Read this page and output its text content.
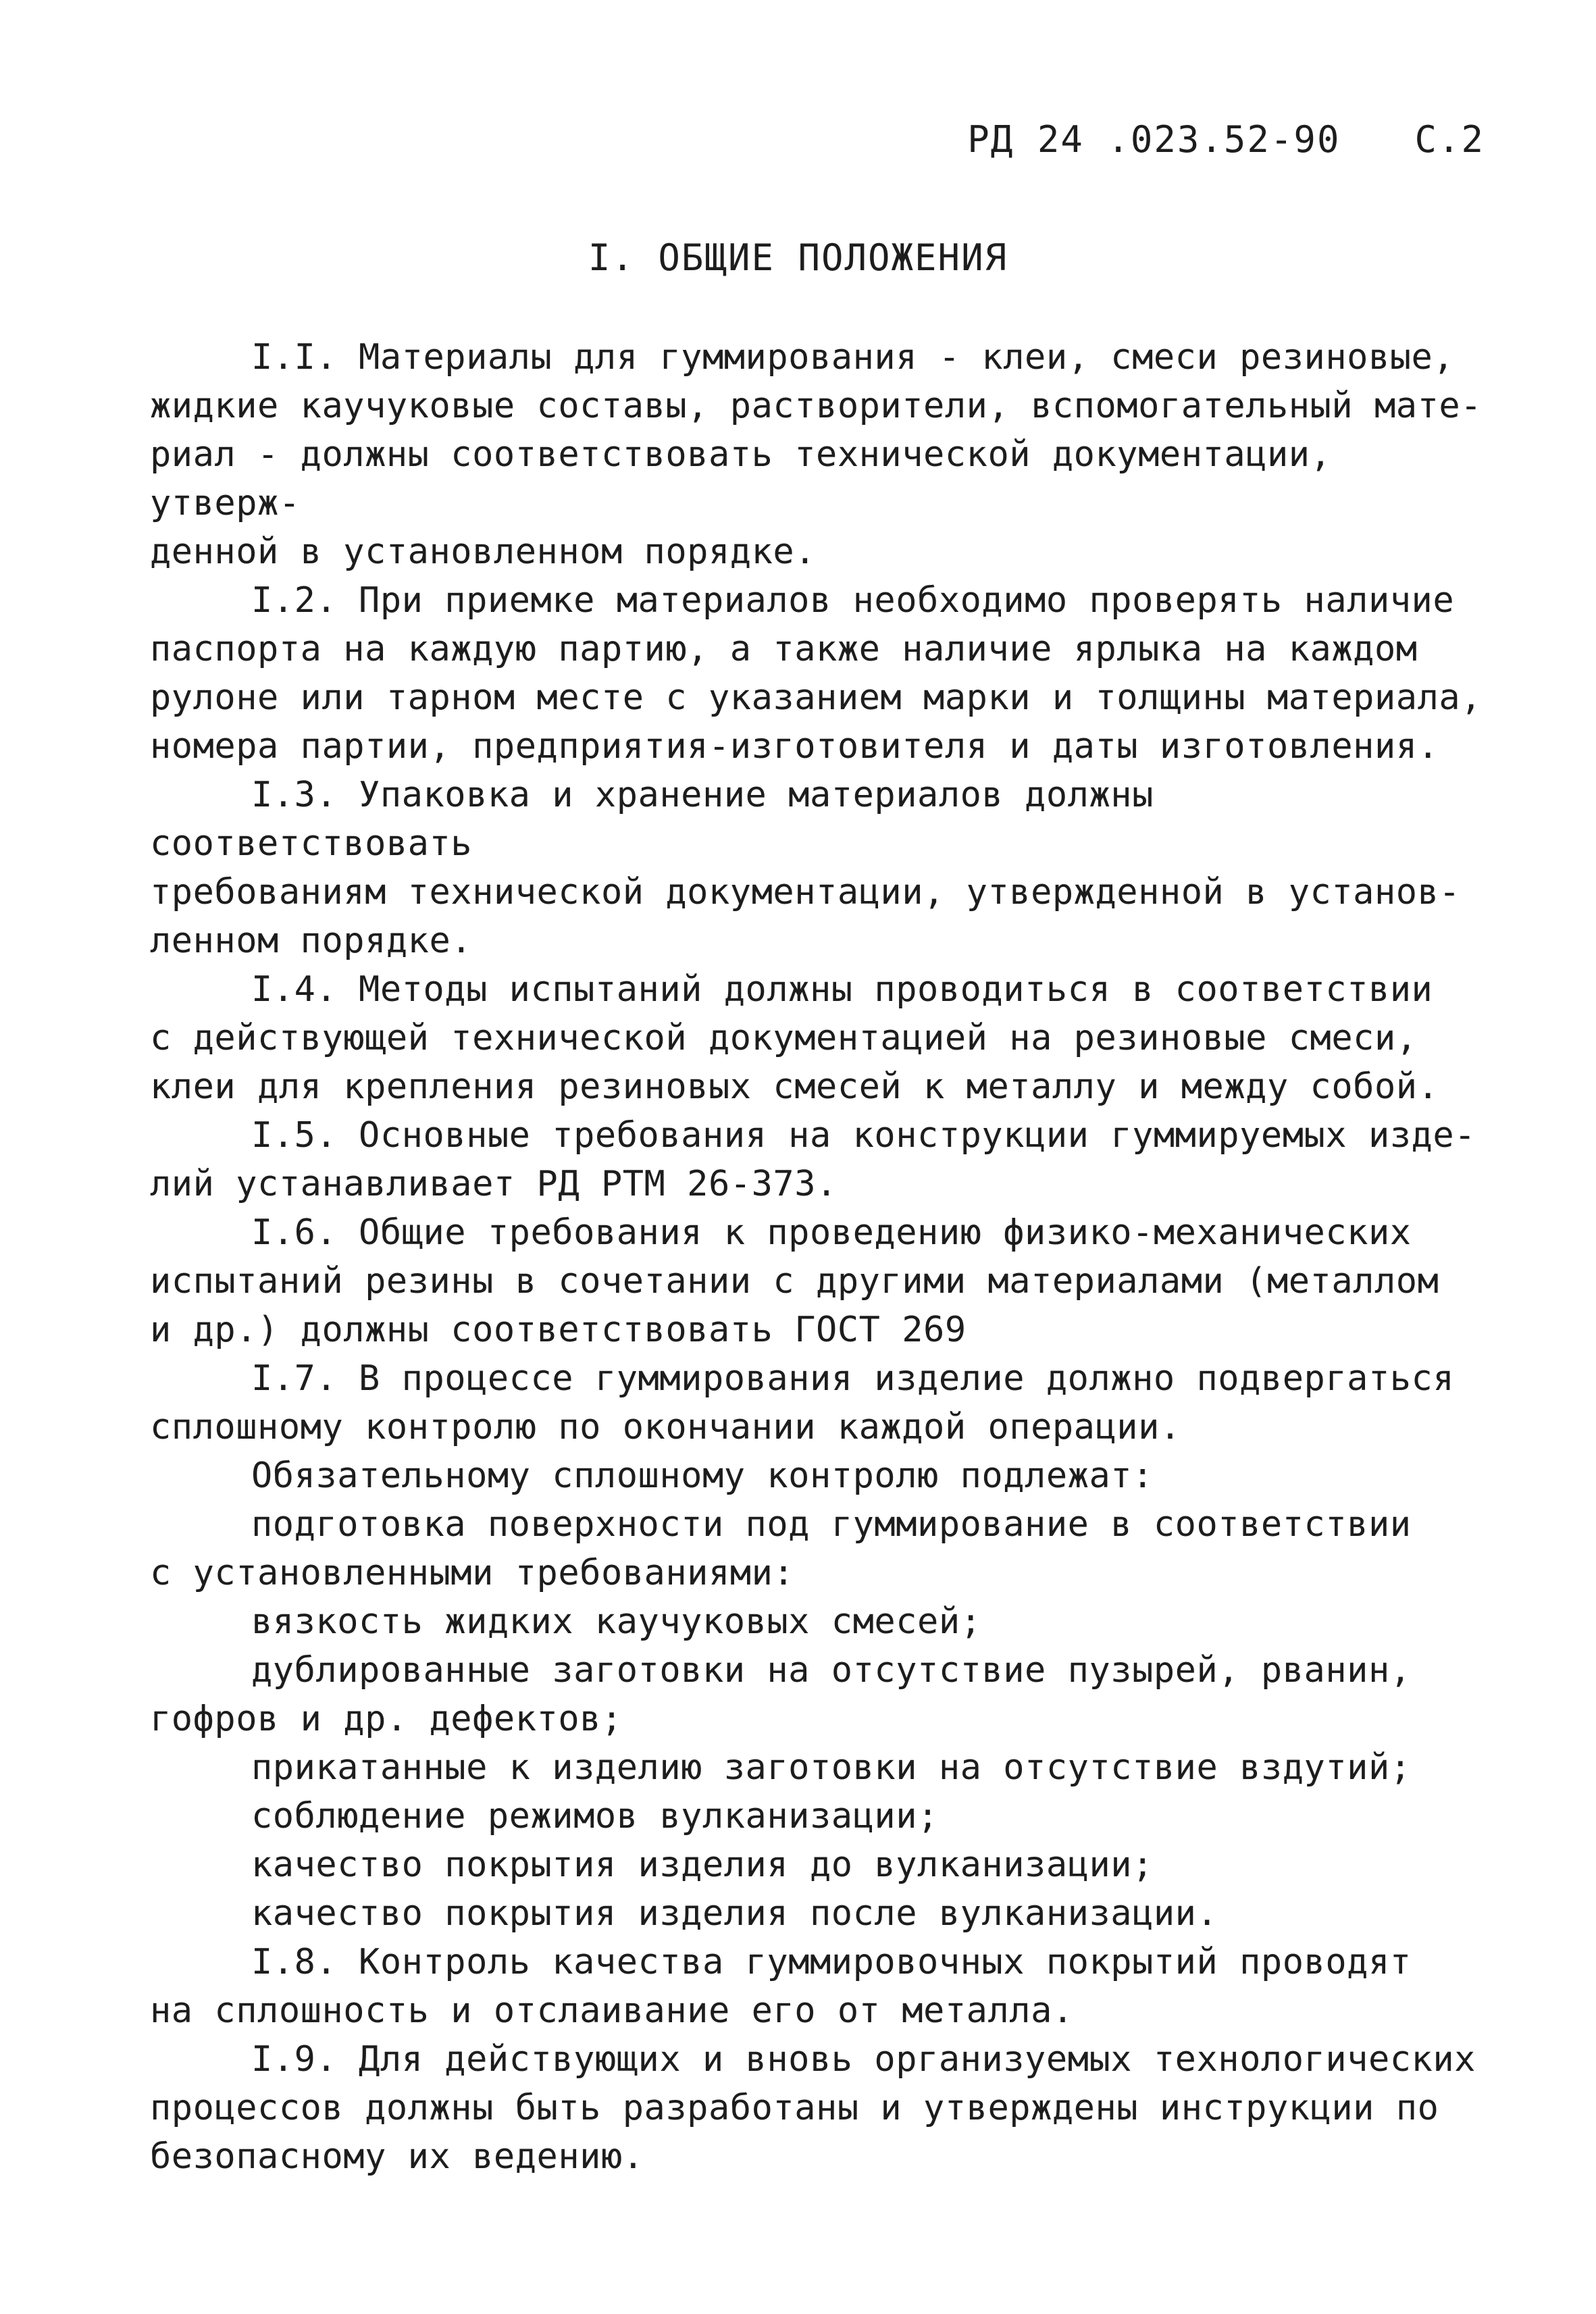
РД 24 .023.52-90 С.2
I. ОБЩИЕ ПОЛОЖЕНИЯ

I.I. Материалы для гуммирования - клеи, смеси резиновые,

жидкие каучуковые составы, растворители, вспомогательный мате-

риал - должны соответствовать технической документации, утверж-

денной в установленном порядке.

I.2. При приемке материалов необходимо проверять наличие

паспорта на каждую партию, а также наличие ярлыка на каждом

рулоне или тарном месте с указанием марки и толщины материала,

номера партии, предприятия-изготовителя и даты изготовления.

I.3. Упаковка и хранение материалов должны соответствовать

требованиям технической документации, утвержденной в установ-

ленном порядке.

I.4. Методы испытаний должны проводиться в соответствии

с действующей технической документацией на резиновые смеси,

клеи для крепления резиновых смесей к металлу и между собой.

I.5. Основные требования на конструкции гуммируемых изде-

лий устанавливает РД РТМ 26-373.

I.6. Общие требования к проведению физико-механических

испытаний резины в сочетании с другими материалами (металлом

и др.) должны соответствовать ГОСТ 269

I.7. В процессе гуммирования изделие должно подвергаться

сплошному контролю по окончании каждой операции.

Обязательному сплошному контролю подлежат:

подготовка поверхности под гуммирование в соответствии

с установленными требованиями:

вязкость жидких каучуковых смесей;

дублированные заготовки на отсутствие пузырей, рванин,

гофров и др. дефектов;

прикатанные к изделию заготовки на отсутствие вздутий;

соблюдение режимов вулканизации;

качество покрытия изделия до вулканизации;

качество покрытия изделия после вулканизации.

I.8. Контроль качества гуммировочных покрытий проводят

на сплошность и отслаивание его от металла.

I.9. Для действующих и вновь организуемых технологических

процессов должны быть разработаны и утверждены инструкции по

безопасному их ведению.
